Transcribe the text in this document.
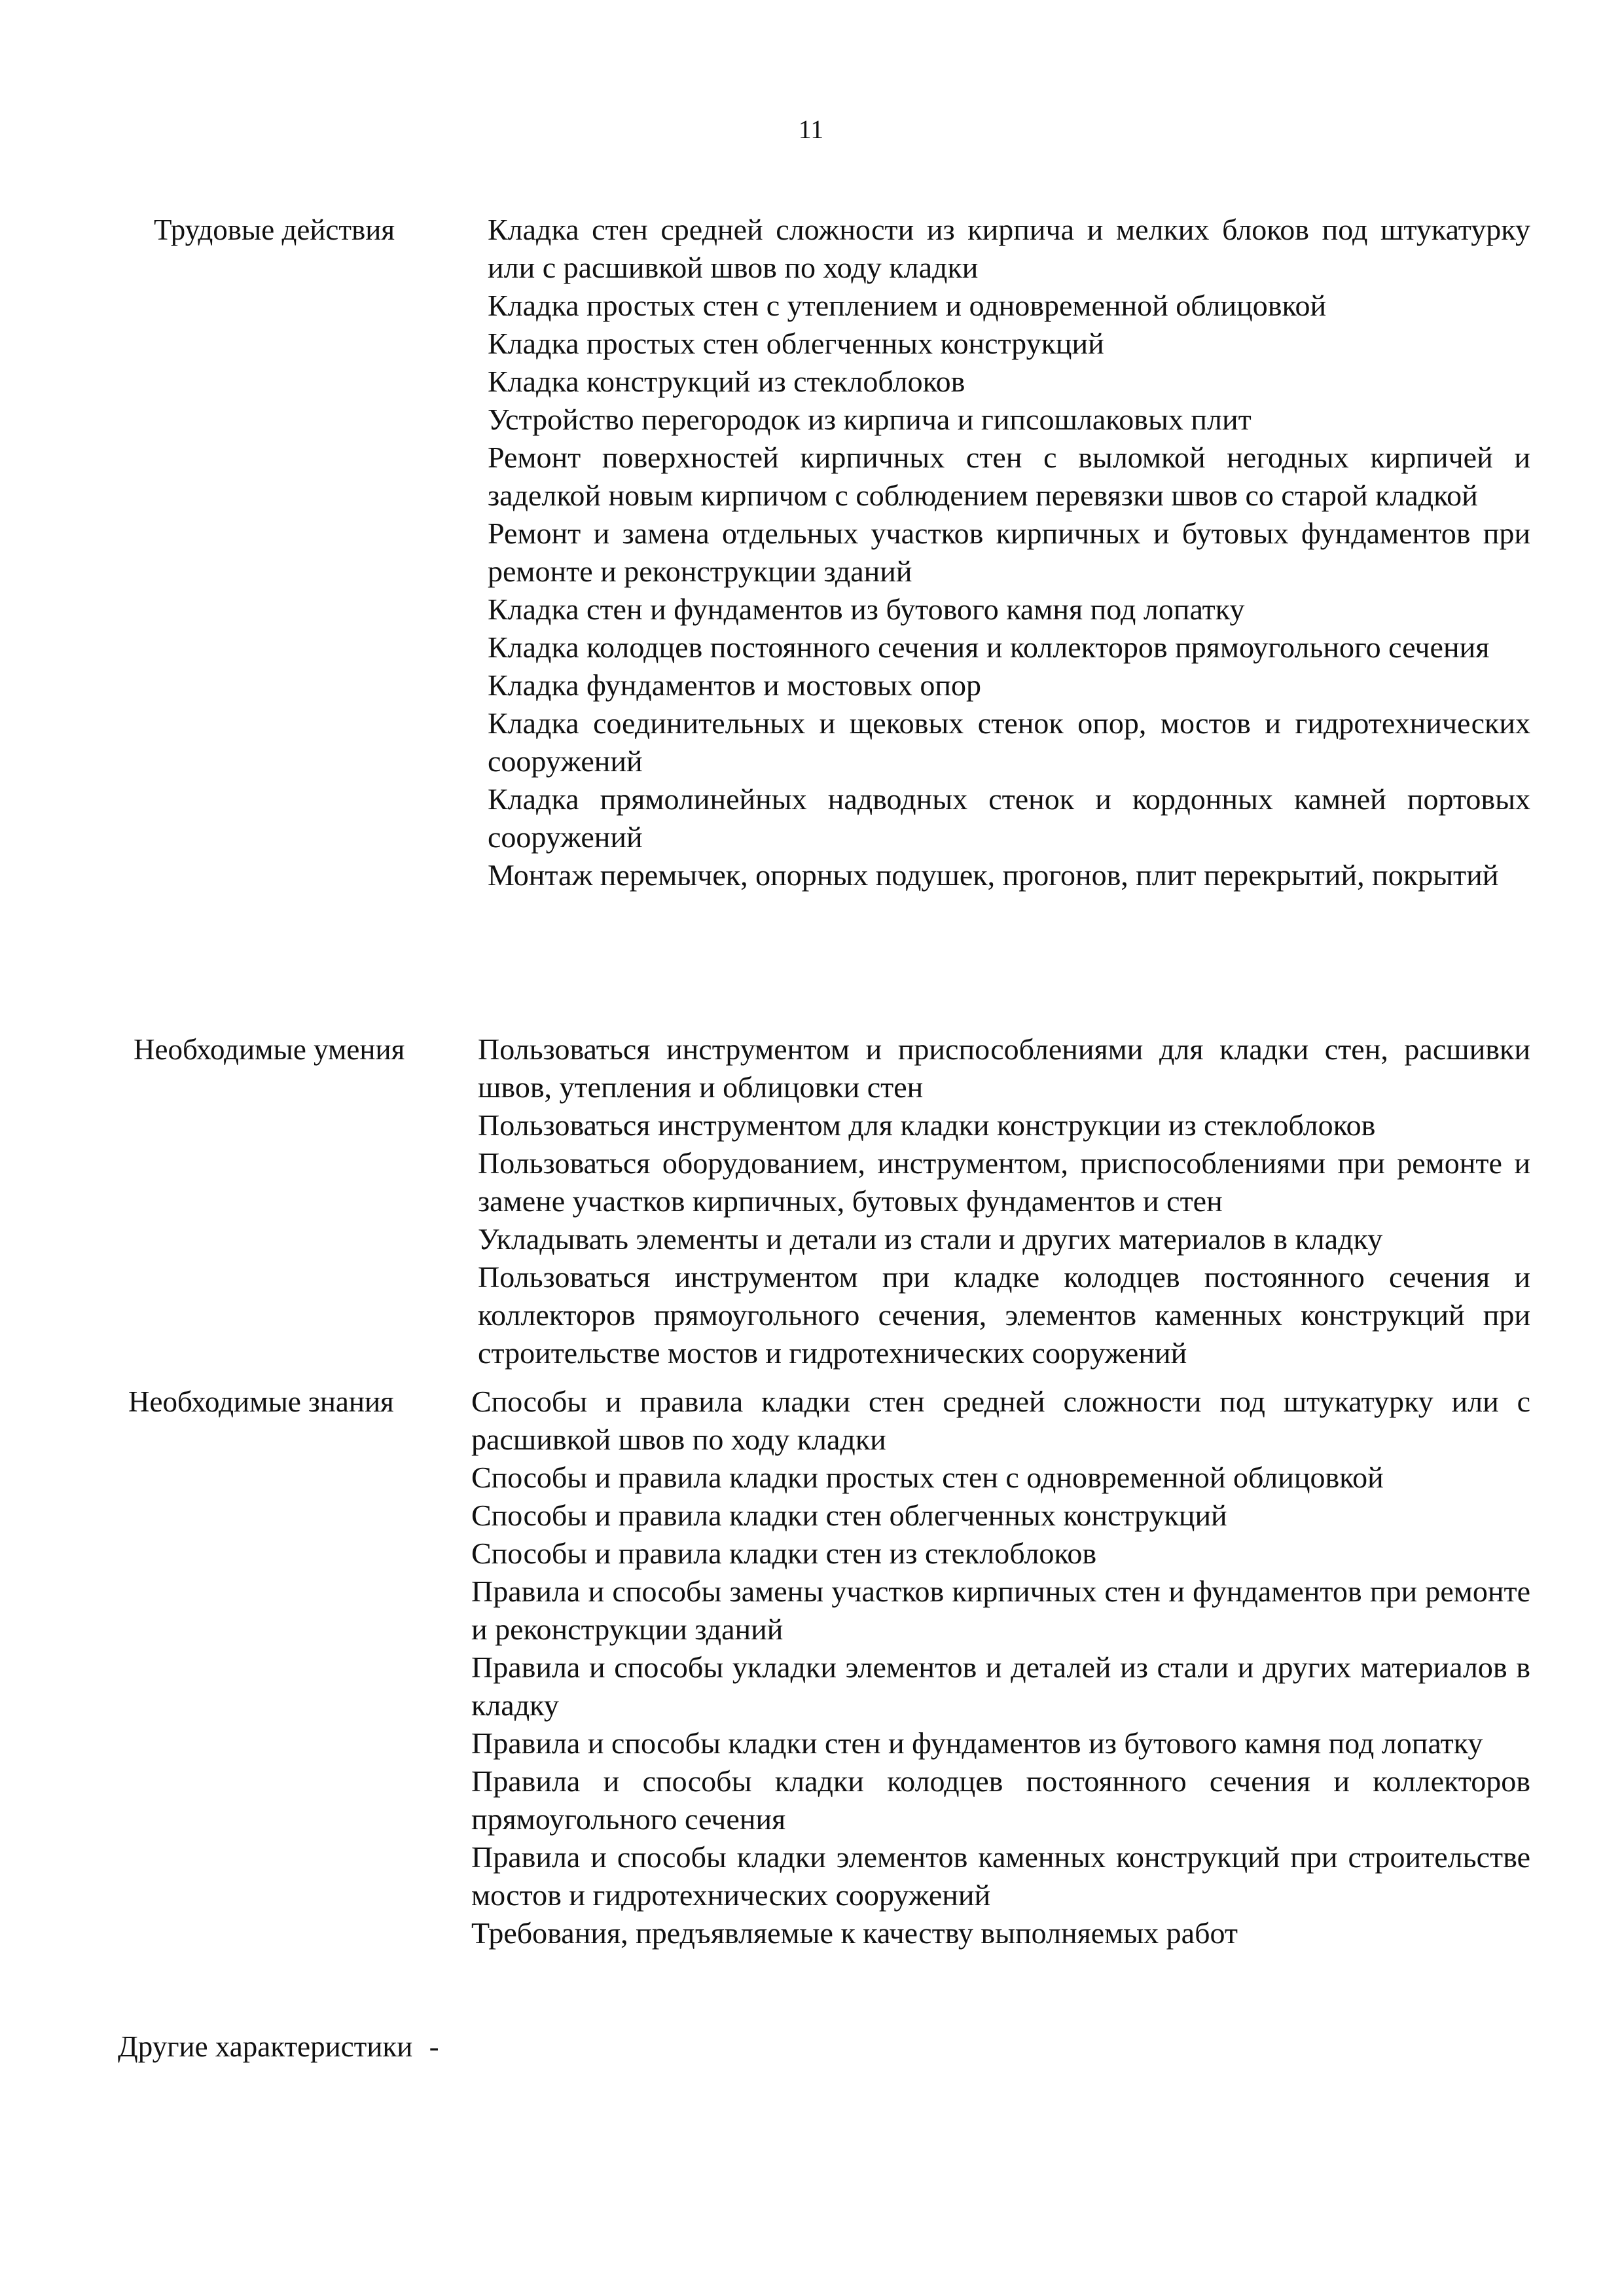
11
Трудовые действия	Кладка стен средней сложности из кирпича и мелких блоков под штукатурку или с расшивкой швов по ходу кладки

Кладка простых стен с утеплением и одновременной облицовкой

Кладка простых стен облегченных конструкций

Кладка конструкций из стеклоблоков

Устройство перегородок из кирпича и гипсошлаковых плит

Ремонт поверхностей кирпичных стен с выломкой негодных кирпичей и заделкой новым кирпичом с соблюдением перевязки швов со старой кладкой

Ремонт и замена отдельных участков кирпичных и бутовых фундаментов при ремонте и реконструкции зданий

Кладка стен и фундаментов из бутового камня под лопатку

Кладка колодцев постоянного сечения и коллекторов прямоугольного сечения

Кладка фундаментов и мостовых опор

Кладка соединительных и щековых стенок опор, мостов и гидротехнических сооружений

Кладка прямолинейных надводных стенок и кордонных камней портовых сооружений

Монтаж перемычек, опорных подушек, прогонов, плит перекрытий, покрытий

Необходимые умения Пользоваться инструментом и приспособлениями для кладки стен, расшивки швов, утепления и облицовки стен

Пользоваться инструментом для кладки конструкции из стеклоблоков

Пользоваться оборудованием, инструментом, приспособлениями при ремонте и замене участков кирпичных, бутовых фундаментов и стен

Укладывать элементы и детали из стали и других материалов в кладку

Пользоваться инструментом при кладке колодцев постоянного сечения и коллекторов прямоугольного сечения, элементов каменных конструкций при строительстве мостов и гидротехнических сооружений

Необходимые знания	Способы и правила кладки стен средней сложности под штукатурку или с расшивкой швов по ходу кладки

Способы и правила кладки простых стен с одновременной облицовкой

Способы и правила кладки стен облегченных конструкций

Способы и правила кладки стен из стеклоблоков

Правила и способы замены участков кирпичных стен и фундаментов при ремонте и реконструкции зданий

Правила и способы укладки элементов и деталей из стали и других материалов в кладку

Правила и способы кладки стен и фундаментов из бутового камня под лопатку

Правила и способы кладки колодцев постоянного сечения и коллекторов прямоугольного сечения

Правила и способы кладки элементов каменных конструкций при строительстве мостов и гидротехнических сооружений

Требования, предъявляемые к качеству выполняемых работ

Другие характеристики -
